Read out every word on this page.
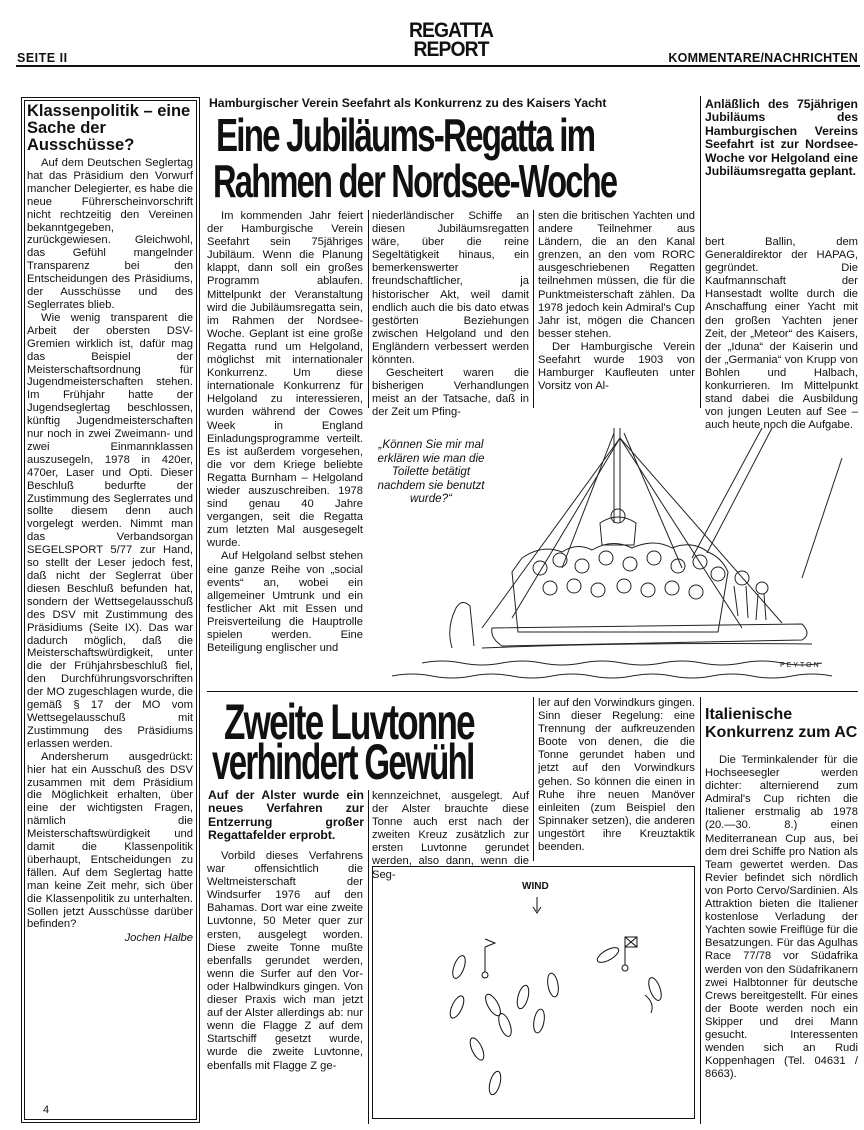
SEITE II
REGATTA
REPORT	KOMMENTARE/NACHRICHTEN
Klassenpolitik – eine Sache der Ausschüsse?

Auf dem Deutschen Seglertag hat das Präsidium den Vorwurf mancher Delegierter, es habe die neue Führerscheinvorschrift nicht rechtzeitig den Vereinen bekanntgegeben, zurückgewiesen. Gleichwohl, das Gefühl mangelnder Transparenz bei den Entscheidungen des Präsidiums, der Ausschüsse und des Seglerrates blieb.

Wie wenig transparent die Arbeit der obersten DSV-Gremien wirklich ist, dafür mag das Beispiel der Meisterschaftsordnung für Jugendmeisterschaften stehen. Im Frühjahr hatte der Jugendseglertag beschlossen, künftig Jugendmeisterschaften nur noch in zwei Zweimann- und zwei Einmannklassen auszusegeln, 1978 in 420er, 470er, Laser und Opti. Dieser Beschluß bedurfte der Zustimmung des Seglerrates und sollte diesem denn auch vorgelegt werden. Nimmt man das Verbandsorgan SEGELSPORT 5/77 zur Hand, so stellt der Leser jedoch fest, daß nicht der Seglerrat über diesen Beschluß befunden hat, sondern der Wettsegelausschuß des DSV mit Zustimmung des Präsidiums (Seite IX). Das war dadurch möglich, daß die Meisterschaftswürdigkeit, unter die der Frühjahrsbeschluß fiel, den Durchführungsvorschriften der MO zugeschlagen wurde, die gemäß § 17 der MO vom Wettsegelausschuß mit Zustimmung des Präsidiums erlassen werden.

Andersherum ausgedrückt: hier hat ein Ausschuß des DSV zusammen mit dem Präsidium die Möglichkeit erhalten, über eine der wichtigsten Fragen, nämlich die Meisterschaftswürdigkeit und damit die Klassenpolitik überhaupt, Entscheidungen zu fällen. Auf dem Seglertag hatte man keine Zeit mehr, sich über die Klassenpolitik zu unterhalten. Sollen jetzt Ausschüsse darüber befinden?

Jochen Halbe
Hamburgischer Verein Seefahrt als Konkurrenz zu des Kaisers Yacht
Eine Jubiläums-Regatta im
Rahmen der Nordsee-Woche

Im kommenden Jahr feiert der Hamburgische Verein Seefahrt sein 75jähriges Jubiläum. Wenn die Planung klappt, dann soll ein großes Programm ablaufen. Mittelpunkt der Veranstaltung wird die Jubiläumsregatta sein, im Rahmen der Nordsee-Woche. Geplant ist eine große Regatta rund um Helgoland, möglichst mit internationaler Konkurrenz. Um diese internationale Konkurrenz für Helgoland zu interessieren, wurden während der Cowes Week in England Einladungsprogramme verteilt. Es ist außerdem vorgesehen, die vor dem Kriege beliebte Regatta Burnham – Helgoland wieder auszuschreiben. 1978 sind genau 40 Jahre vergangen, seit die Regatta zum letzten Mal ausgesegelt wurde.

Auf Helgoland selbst stehen eine ganze Reihe von „social events“ an, wobei ein allgemeiner Umtrunk und ein festlicher Akt mit Essen und Preisverteilung die Hauptrolle spielen werden. Eine Beteiligung englischer und

niederländischer Schiffe an diesen Jubiläumsregatten wäre, über die reine Segeltätigkeit hinaus, ein bemerkenswerter freundschaftlicher, ja historischer Akt, weil damit endlich auch die bis dato etwas gestörten Beziehungen zwischen Helgoland und den Engländern verbessert werden könnten.

Gescheitert waren die bisherigen Verhandlungen meist an der Tatsache, daß in der Zeit um Pfing-

sten die britischen Yachten und andere Teilnehmer aus Ländern, die an den Kanal grenzen, an den vom RORC ausgeschriebenen Regatten teilnehmen müssen, die für die Punktmeisterschaft zählen. Da 1978 jedoch kein Admiral's Cup Jahr ist, mögen die Chancen besser stehen.

Der Hamburgische Verein Seefahrt wurde 1903 von Hamburger Kaufleuten unter Vorsitz von Al-

Anläßlich des 75jährigen Jubiläums des Hamburgischen Vereins Seefahrt ist zur Nordsee-Woche vor Helgoland eine Jubiläumsregatta geplant.
bert Ballin, dem Generaldirektor der HAPAG, gegründet. Die Kaufmannschaft der Hansestadt wollte durch die Anschaffung einer Yacht mit den großen Yachten jener Zeit, der „Meteor“ des Kaisers, der „Iduna“ der Kaiserin und der „Germania“ von Krupp von Bohlen und Halbach, konkurrieren. Im Mittelpunkt stand dabei die Ausbildung von jungen Leuten auf See – auch heute noch die Aufgabe.
„Können Sie mir mal erklären wie man die Toilette betätigt nachdem sie benutzt wurde?“
PEYTON
Zweite Luvtonne
verhindert Gewühl
Auf der Alster wurde ein neues Verfahren zur Entzerrung großer Regattafelder erprobt.

Vorbild dieses Verfahrens war offensichtlich die Weltmeisterschaft der Windsurfer 1976 auf den Bahamas. Dort war eine zweite Luvtonne, 50 Meter quer zur ersten, ausgelegt worden. Diese zweite Tonne mußte ebenfalls gerundet werden, wenn die Surfer auf den Vor- oder Halbwindkurs gingen. Von dieser Praxis wich man jetzt auf der Alster allerdings ab: nur wenn die Flagge Z auf dem Startschiff gesetzt wurde, wurde die zweite Luvtonne, ebenfalls mit Flagge Z ge-

kennzeichnet, ausgelegt. Auf der Alster brauchte diese Tonne auch erst nach der zweiten Kreuz zusätzlich zur ersten Luvtonne gerundet werden, also dann, wenn die Seg-

ler auf den Vorwindkurs gingen. Sinn dieser Regelung: eine Trennung der aufkreuzenden Boote von denen, die die Tonne gerundet haben und jetzt auf den Vorwindkurs gehen. So können die einen in Ruhe ihre neuen Manöver einleiten (zum Beispiel den Spinnaker setzen), die anderen ungestört ihre Kreuztaktik beenden.

WIND
Italienische Konkurrenz zum AC

Die Terminkalender für die Hochseesegler werden dichter: alternierend zum Admiral's Cup richten die Italiener erstmalig ab 1978 (20.—30. 8.) einen Mediterranean Cup aus, bei dem drei Schiffe pro Nation als Team gewertet werden. Das Revier befindet sich nördlich von Porto Cervo/Sardinien. Als Attraktion bieten die Italiener kostenlose Verladung der Yachten sowie Freiflüge für die Besatzungen. Für das Agulhas Race 77/78 vor Südafrika werden von den Südafrikanern zwei Halbtonner für deutsche Crews bereitgestellt. Für eines der Boote werden noch ein Skipper und drei Mann gesucht. Interessenten wenden sich an Rudi Koppenhagen (Tel. 04631 / 8663).

4
